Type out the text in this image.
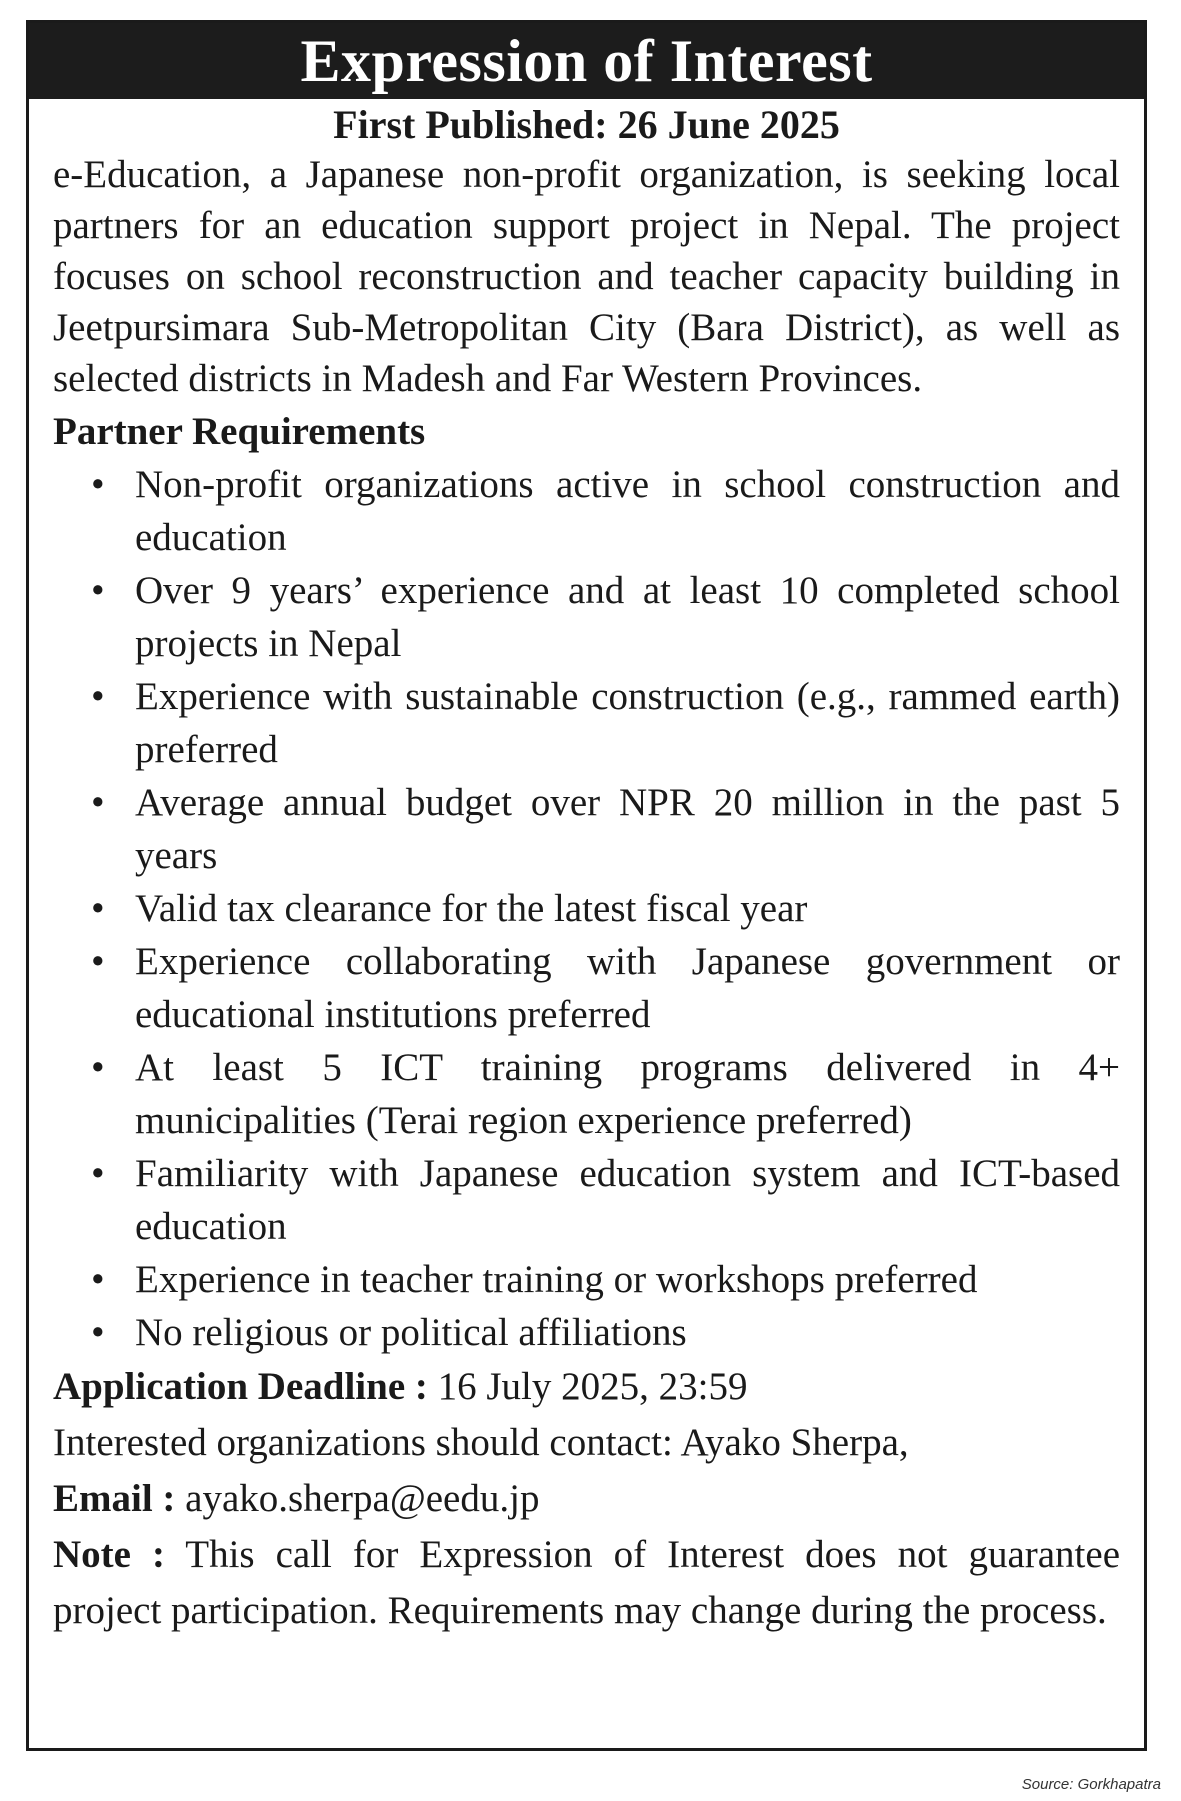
Expression of Interest
First Published: 26 June 2025

e-Education, a Japanese non-profit organization, is seeking local partners for an education support project in Nepal. The project focuses on school reconstruction and teacher capacity building in Jeetpursimara Sub-Metropolitan City (Bara District), as well as selected districts in Madesh and Far Western Provinces.

Partner Requirements
• Non-profit organizations active in school construction and education
• Over 9 years’ experience and at least 10 completed school projects in Nepal
• Experience with sustainable construction (e.g., rammed earth) preferred
• Average annual budget over NPR 20 million in the past 5 years
• Valid tax clearance for the latest fiscal year
• Experience collaborating with Japanese government or educational institutions preferred
• At least 5 ICT training programs delivered in 4+ municipalities (Terai region experience preferred)
• Familiarity with Japanese education system and ICT-based education
• Experience in teacher training or workshops preferred
• No religious or political affiliations

Application Deadline : 16 July 2025, 23:59

Interested organizations should contact: Ayako Sherpa,

Email : ayako.sherpa@eedu.jp

Note : This call for Expression of Interest does not guarantee project participation. Requirements may change during the process.

Source: Gorkhapatra
